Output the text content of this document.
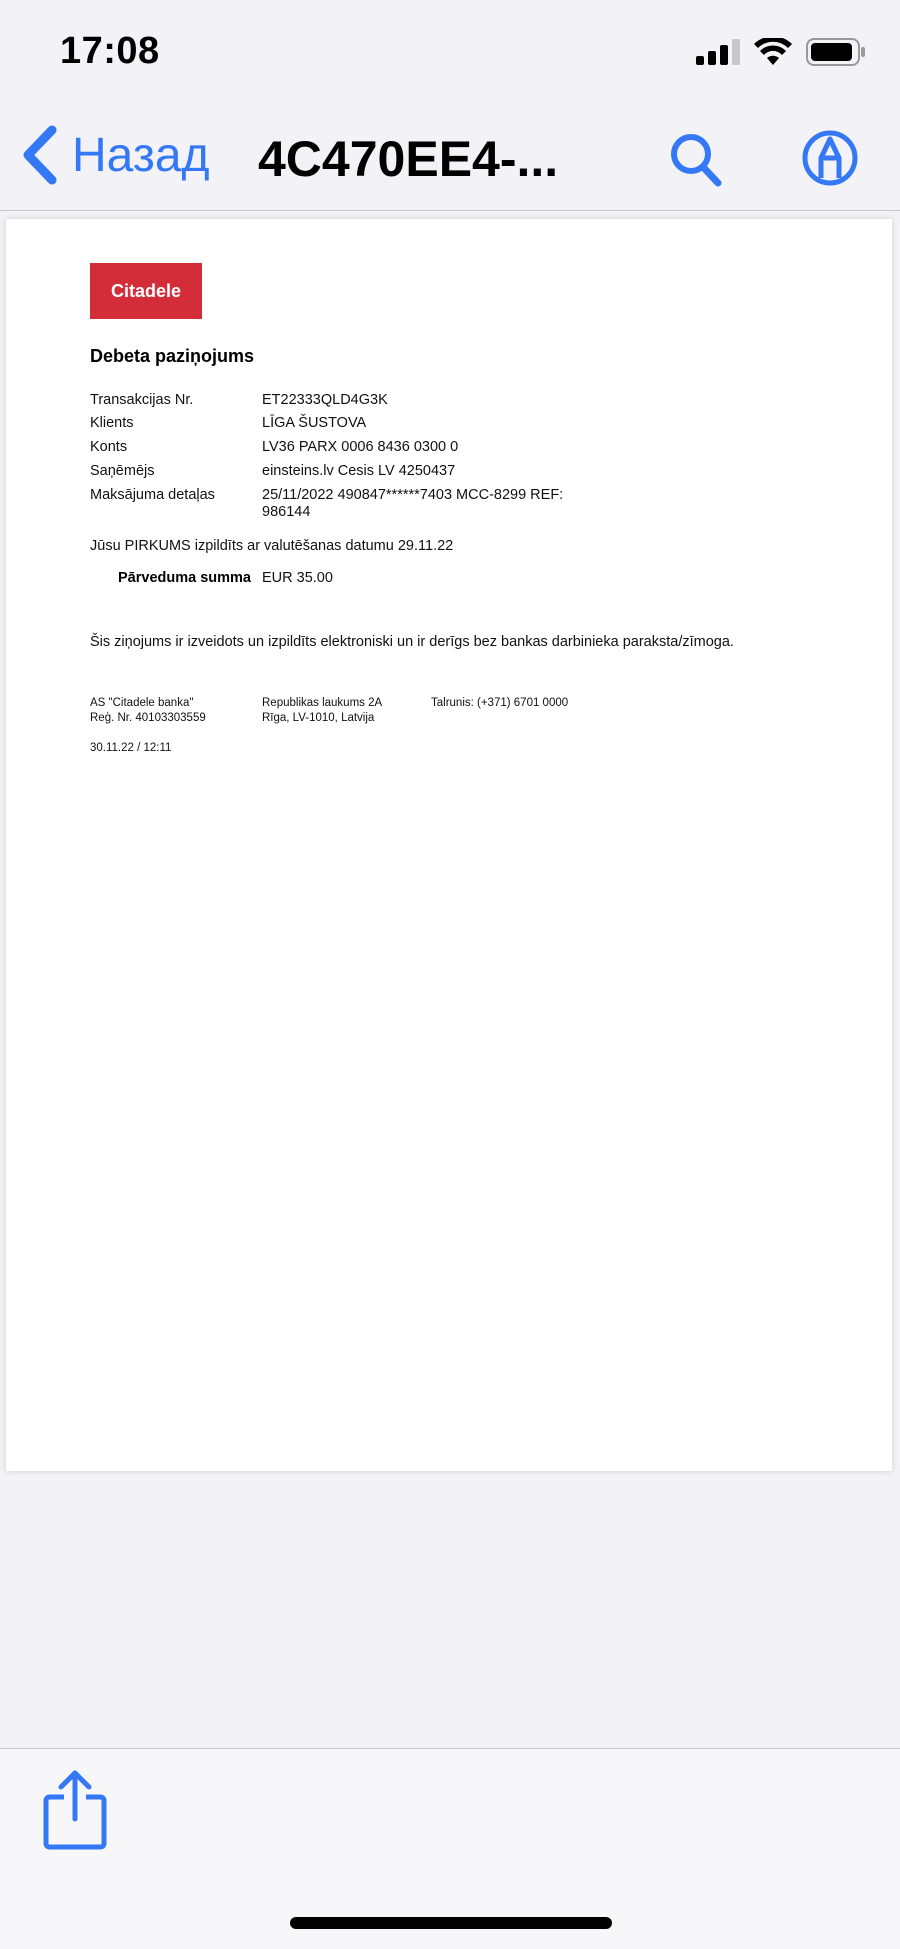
17:08
Назад 4C470EE4-...
Citadele
Debeta paziņojums
Transakcijas Nr.	ET22333QLD4G3K
Klients	LĪGA ŠUSTOVA
Konts	LV36 PARX 0006 8436 0300 0
Saņēmējs	einsteins.lv Cesis LV 4250437
Maksājuma detaļas	25/11/2022 490847******7403 MCC-8299 REF: 986144
Jūsu PIRKUMS izpildīts ar valutēšanas datumu 29.11.22
Pārveduma summa EUR 35.00
Šis ziņojums ir izveidots un izpildīts elektroniski un ir derīgs bez bankas darbinieka paraksta/zīmoga.
AS "Citadele banka"
Reģ. Nr. 40103303559
Republikas laukums 2A
Rīga, LV-1010, Latvija
Talrunis: (+371) 6701 0000
30.11.22 / 12:11
